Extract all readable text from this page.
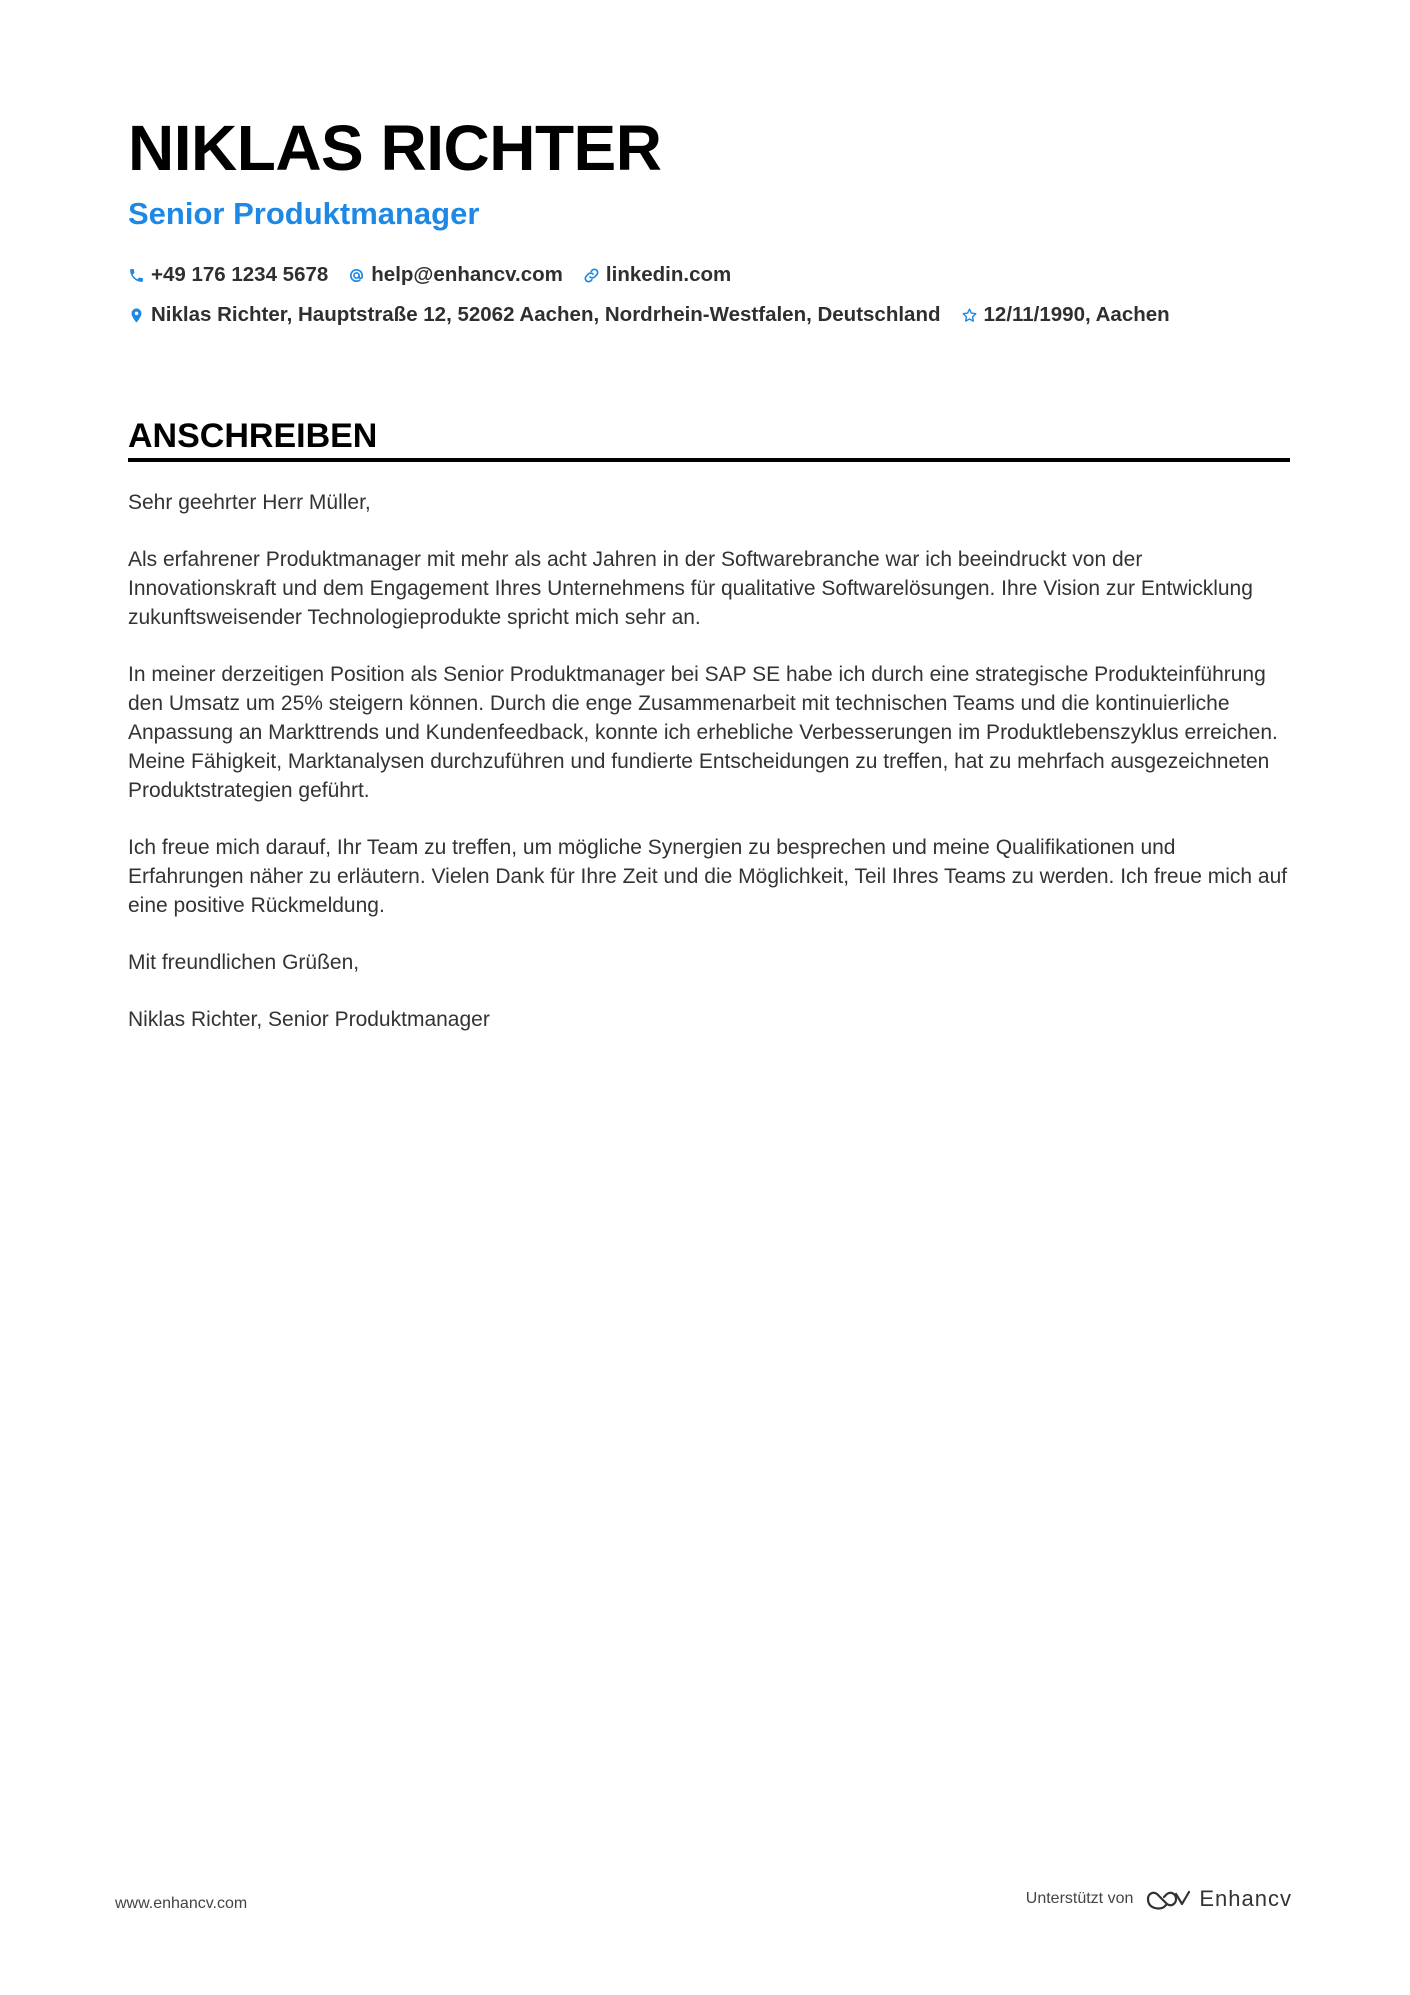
NIKLAS RICHTER
Senior Produktmanager
+49 176 1234 5678 help@enhancv.com linkedin.com
Niklas Richter, Hauptstraße 12, 52062 Aachen, Nordrhein-Westfalen, Deutschland 12/11/1990, Aachen
ANSCHREIBEN

Sehr geehrter Herr Müller,

Als erfahrener Produktmanager mit mehr als acht Jahren in der Softwarebranche war ich beeindruckt von der Innovationskraft und dem Engagement Ihres Unternehmens für qualitative Softwarelösungen. Ihre Vision zur Entwicklung zukunftsweisender Technologieprodukte spricht mich sehr an.

In meiner derzeitigen Position als Senior Produktmanager bei SAP SE habe ich durch eine strategische Produkteinführung den Umsatz um 25% steigern können. Durch die enge Zusammenarbeit mit technischen Teams und die kontinuierliche Anpassung an Markttrends und Kundenfeedback, konnte ich erhebliche Verbesserungen im Produktlebenszyklus erreichen. Meine Fähigkeit, Marktanalysen durchzuführen und fundierte Entscheidungen zu treffen, hat zu mehrfach ausgezeichneten Produktstrategien geführt.

Ich freue mich darauf, Ihr Team zu treffen, um mögliche Synergien zu besprechen und meine Qualifikationen und Erfahrungen näher zu erläutern. Vielen Dank für Ihre Zeit und die Möglichkeit, Teil Ihres Teams zu werden. Ich freue mich auf eine positive Rückmeldung.

Mit freundlichen Grüßen,

Niklas Richter, Senior Produktmanager

www.enhancv.com	Unterstützt von	Enhancv
